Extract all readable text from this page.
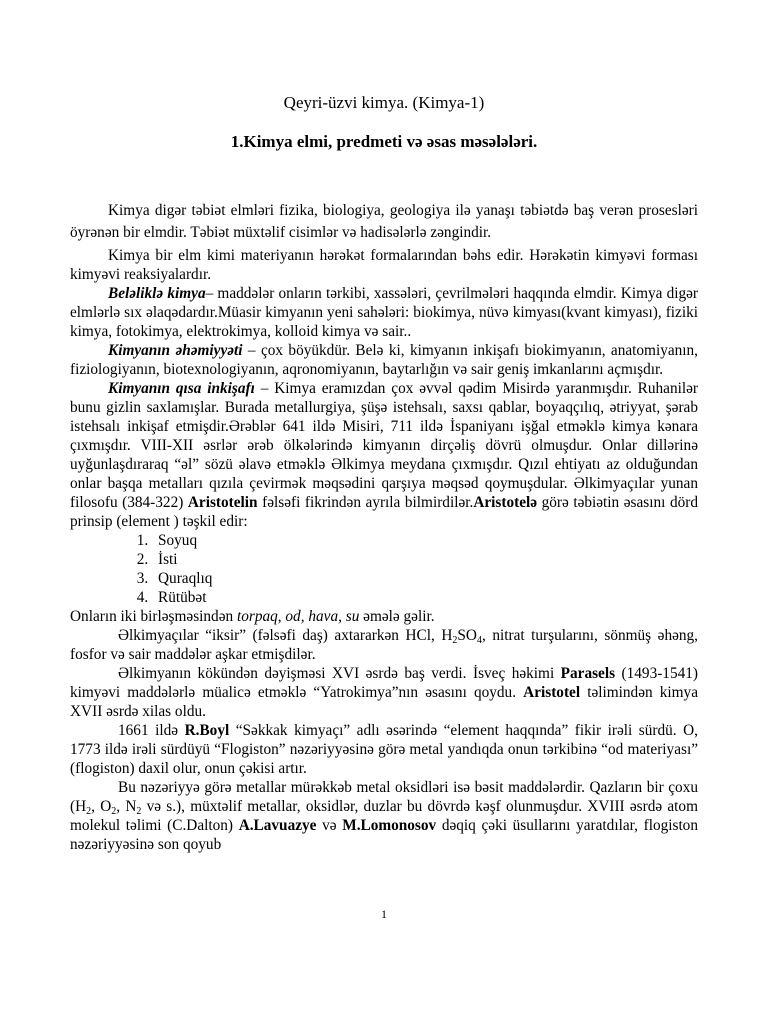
Qeyri-üzvi kimya. (Kimya-1)
1.Kimya elmi, predmeti və əsas məsələləri.

Kimya digər təbiət elmləri fizika, biologiya, geologiya ilə yanaşı təbiətdə baş verən prosesləri öyrənən bir elmdir. Təbiət müxtəlif cisimlər və hadisələrlə zəngindir.

Kimya bir elm kimi materiyanın hərəkət formalarından bəhs edir. Hərəkətin kimyəvi forması kimyəvi reaksiyalardır.

Beləliklə kimya– maddələr onların tərkibi, xassələri, çevrilmələri haqqında elmdir. Kimya digər elmlərlə sıx əlaqədardır.Müasir kimyanın yeni sahələri: biokimya, nüvə kimyası(kvant kimyası), fiziki kimya, fotokimya, elektrokimya, kolloid kimya və sair..

Kimyanın əhəmiyyəti – çox böyükdür. Belə ki, kimyanın inkişafı biokimyanın, anatomiyanın, fiziologiyanın, biotexnologiyanın, aqronomiyanın, baytarlığın və sair geniş imkanlarını açmışdır.

Kimyanın qısa inkişafı – Kimya eramızdan çox əvvəl qədim Misirdə yaranmışdır. Ruhanilər bunu gizlin saxlamışlar. Burada metallurgiya, şüşə istehsalı, saxsı qablar, boyaqçılıq, ətriyyat, şərab istehsalı inkişaf etmişdir.Ərəblər 641 ildə Misiri, 711 ildə İspaniyanı işğal etməklə kimya kənara çıxmışdır. VIII-XII əsrlər ərəb ölkələrində kimyanın dirçəliş dövrü olmuşdur. Onlar dillərinə uyğunlaşdıraraq “əl” sözü əlavə etməklə Əlkimya meydana çıxmışdır. Qızıl ehtiyatı az olduğundan onlar başqa metalları qızıla çevirmək məqsədini qarşıya məqsəd qoymuşdular. Əlkimyaçılar yunan filosofu (384-322) Aristotelin fəlsəfi fikrindən ayrıla bilmirdilər.Aristotelə görə təbiətin əsasını dörd prinsip (element ) təşkil edir:

1. Soyuq
2. İsti
3. Quraqlıq
4. Rütübət

Onların iki birləşməsindən torpaq, od, hava, su əmələ gəlir.

Əlkimyaçılar “iksir” (fəlsəfi daş) axtararkən HCl, $H_2SO_4$, nitrat turşularını, sönmüş əhəng, fosfor və sair maddələr aşkar etmişdilər.

Əlkimyanın kökündən dəyişməsi XVI əsrdə baş verdi. İsveç həkimi Parasels (1493-1541) kimyəvi maddələrlə müalicə etməklə “Yatrokimya”nın əsasını qoydu. Aristotel təlimindən kimya XVII əsrdə xilas oldu.

1661 ildə R.Boyl “Səkkak kimyaçı” adlı əsərində “element haqqında” fikir irəli sürdü. O, 1773 ildə irəli sürdüyü “Flogiston” nəzəriyyəsinə görə metal yandıqda onun tərkibinə “od materiyası” (flogiston) daxil olur, onun çəkisi artır.

Bu nəzəriyyə görə metallar mürəkkəb metal oksidləri isə bəsit maddələrdir. Qazların bir çoxu ($H_2$, $O_2$, $N_2$ və s.), müxtəlif metallar, oksidlər, duzlar bu dövrdə kəşf olunmuşdur. XVIII əsrdə atom molekul təlimi (C.Dalton) A.Lavuazye və M.Lomonosov dəqiq çəki üsullarını yaratdılar, flogiston nəzəriyyəsinə son qoyub

1
